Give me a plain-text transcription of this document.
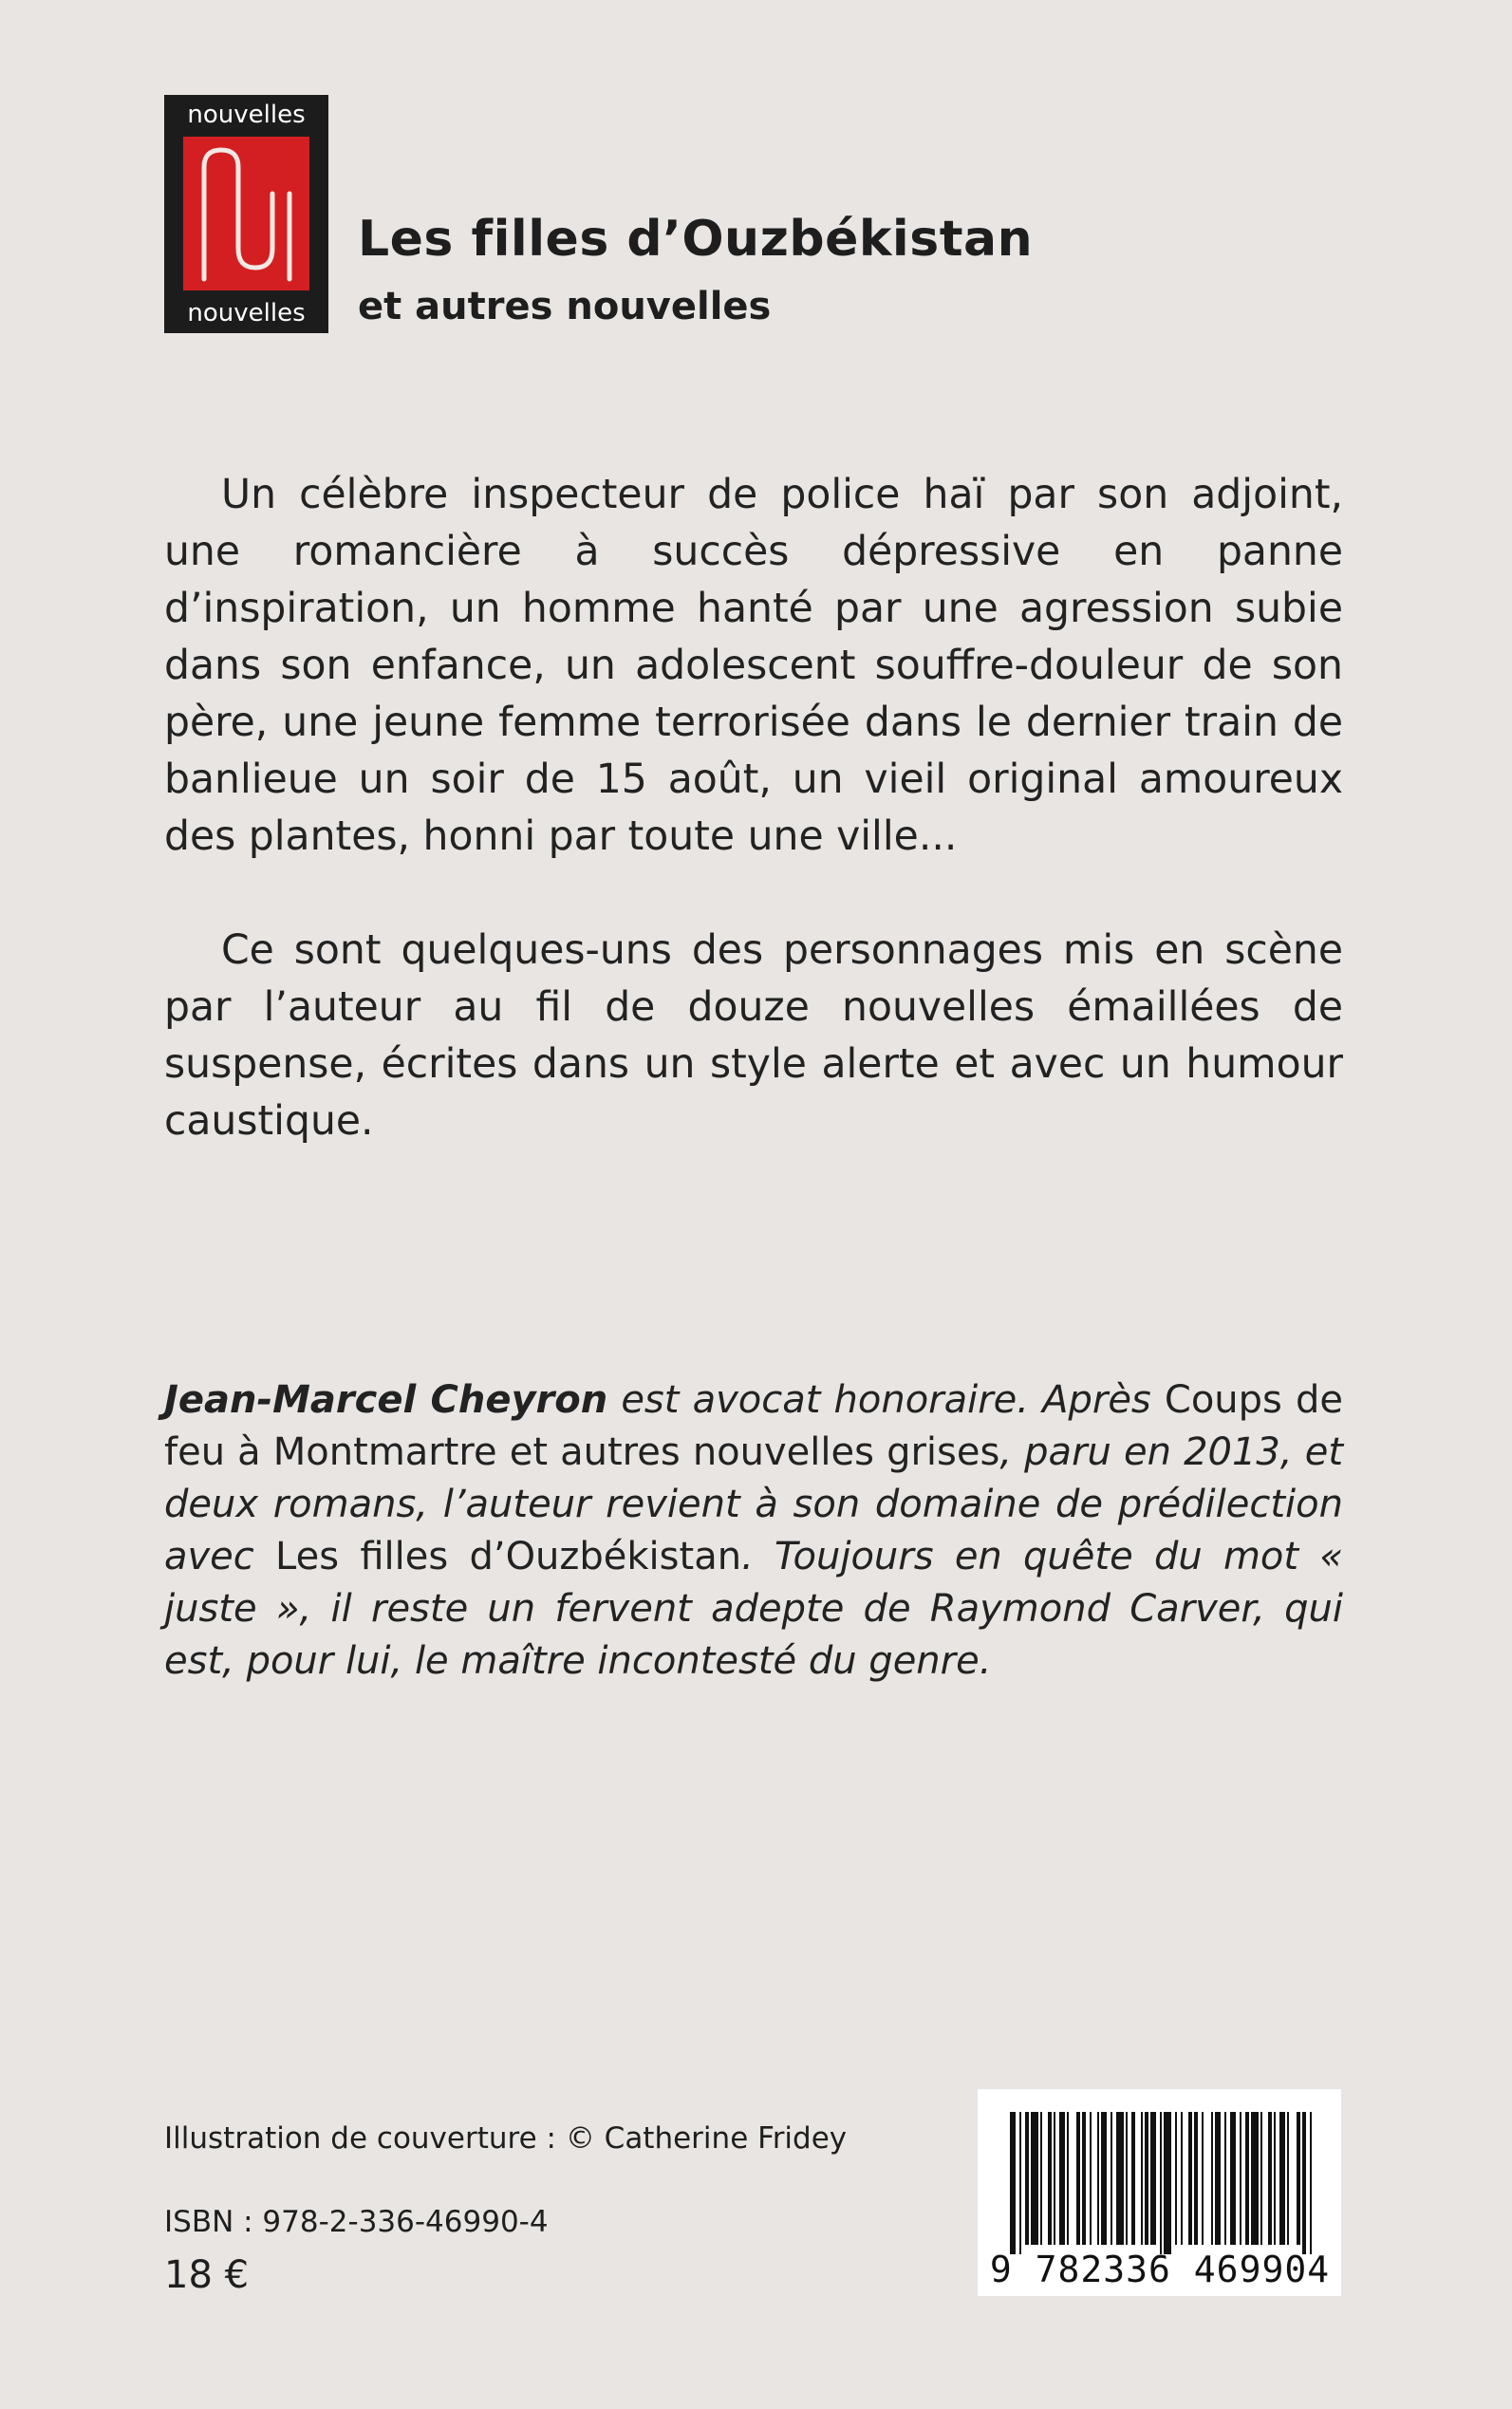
nouvelles
nouvelles
Les filles d’Ouzbékistan
et autres nouvelles

Un célèbre inspecteur de police haï par son adjoint, une romancière à succès dépressive en panne d’inspiration, un homme hanté par une agression subie dans son enfance, un adolescent souffre-douleur de son père, une jeune femme terrorisée dans le dernier train de banlieue un soir de 15 août, un vieil original amoureux des plantes, honni par toute une ville...

Ce sont quelques-uns des personnages mis en scène par l’auteur au fil de douze nouvelles émaillées de suspense, écrites dans un style alerte et avec un humour caustique.

Jean-Marcel Cheyron est avocat honoraire. Après Coups de feu à Montmartre et autres nouvelles grises, paru en 2013, et deux romans, l’auteur revient à son domaine de prédilection avec Les filles d’Ouzbékistan. Toujours en quête du mot « juste », il reste un fervent adepte de Raymond Carver, qui est, pour lui, le maître incontesté du genre.
Illustration de couverture : © Catherine Fridey
ISBN : 978-2-336-46990-4
18 €	9 782336 469904
